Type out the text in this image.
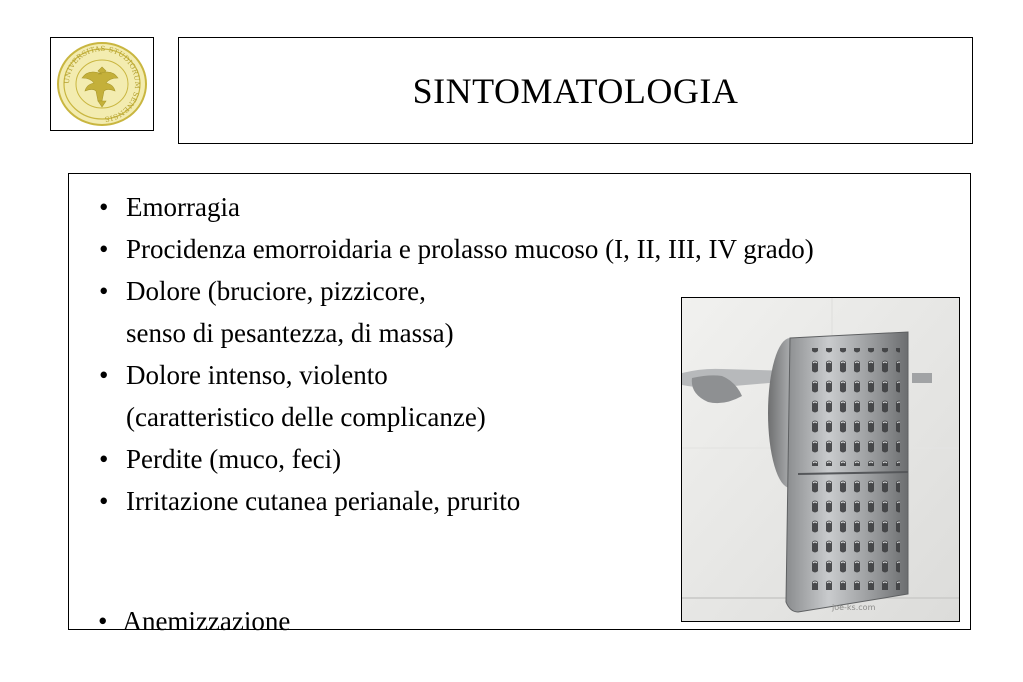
UNIVERSITAS STUDIORUM SENENSIS
SINTOMATOLOGIA
• Emorragia
• Procidenza emorroidaria e prolasso mucoso (I, II, III, IV grado)
• Dolore (bruciore, pizzicore,
senso di pesantezza, di massa)
• Dolore intenso, violento
(caratteristico delle complicanze)
• Perdite (muco, feci)
• Irritazione cutanea perianale, prurito
• Anemizzazione	joe-ks.com
